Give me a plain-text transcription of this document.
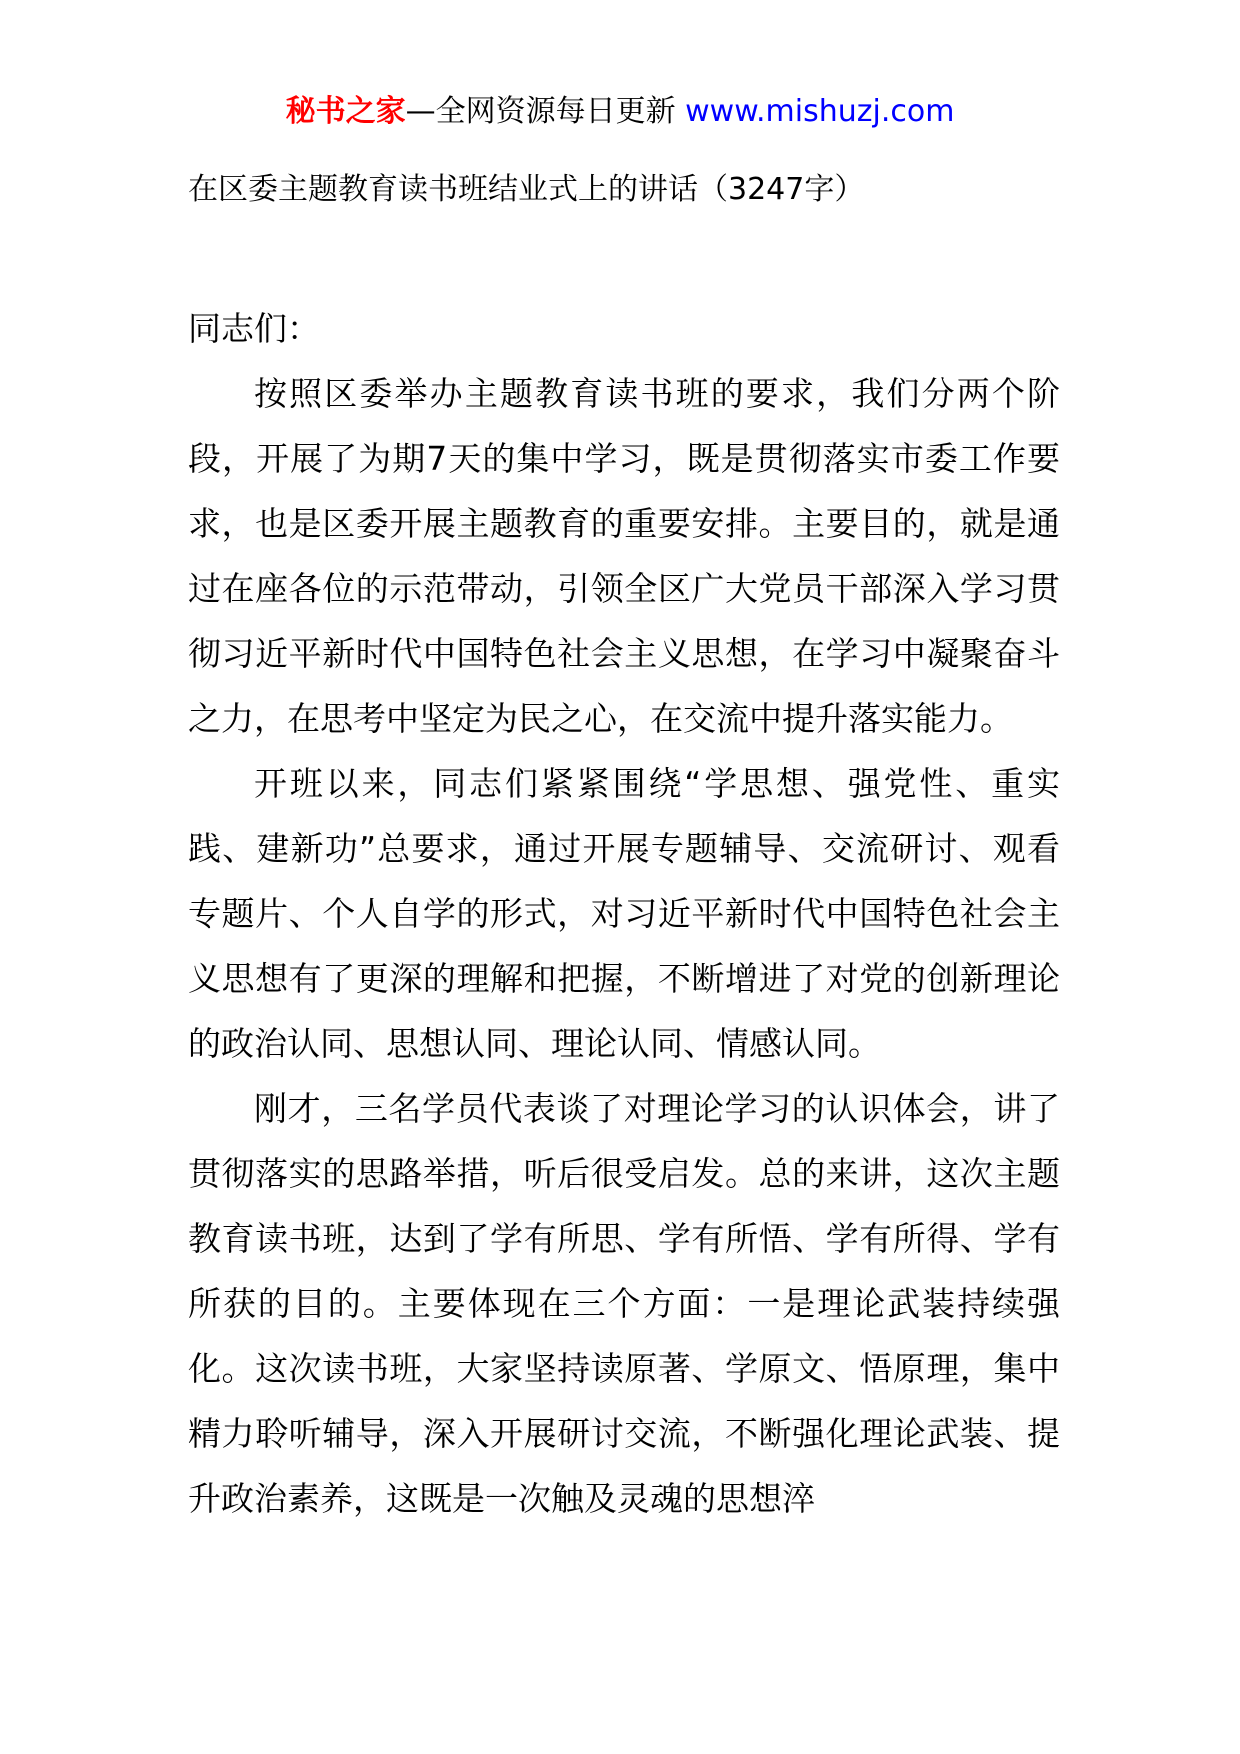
秘书之家—全网资源每日更新 www.mishuzj.com
在区委主题教育读书班结业式上的讲话（3247字）

同志们：

按照区委举办主题教育读书班的要求，我们分两个阶段，开展了为期7天的集中学习，既是贯彻落实市委工作要求，也是区委开展主题教育的重要安排。主要目的，就是通过在座各位的示范带动，引领全区广大党员干部深入学习贯彻习近平新时代中国特色社会主义思想，在学习中凝聚奋斗之力，在思考中坚定为民之心，在交流中提升落实能力。

开班以来，同志们紧紧围绕“学思想、强党性、重实践、建新功”总要求，通过开展专题辅导、交流研讨、观看专题片、个人自学的形式，对习近平新时代中国特色社会主义思想有了更深的理解和把握，不断增进了对党的创新理论的政治认同、思想认同、理论认同、情感认同。

刚才，三名学员代表谈了对理论学习的认识体会，讲了贯彻落实的思路举措，听后很受启发。总的来讲，这次主题教育读书班，达到了学有所思、学有所悟、学有所得、学有所获的目的。主要体现在三个方面：一是理论武装持续强化。这次读书班，大家坚持读原著、学原文、悟原理，集中精力聆听辅导，深入开展研讨交流，不断强化理论武装、提升政治素养，这既是一次触及灵魂的思想淬
